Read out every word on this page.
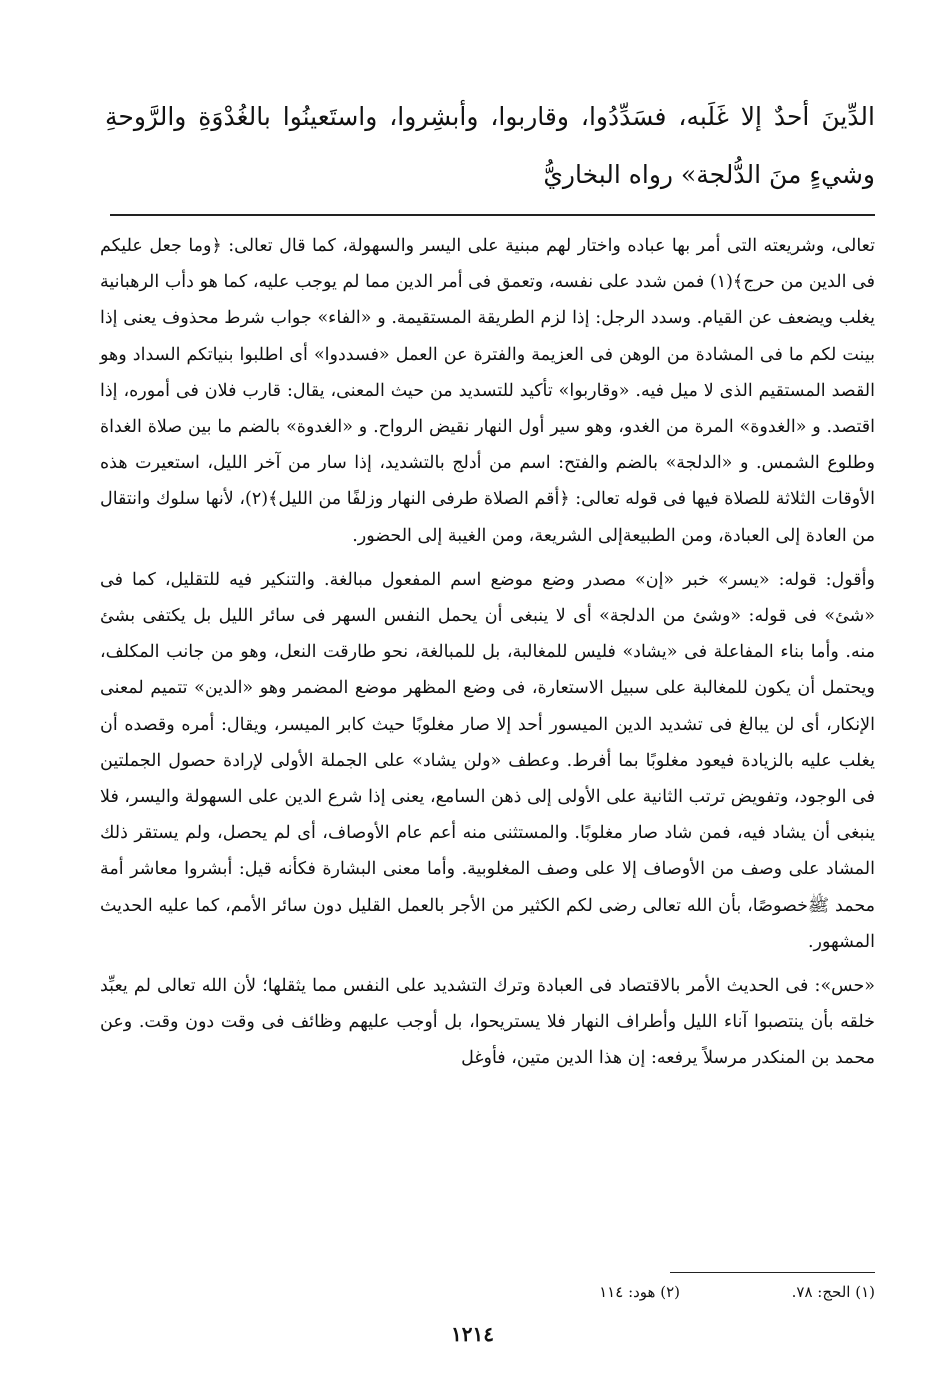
الدِّينَ أحدٌ إلا غَلَبه، فسَدِّدُوا، وقاربوا، وأبشِروا، واستَعينُوا بالغُدْوَةِ والرَّوحةِ وشيءٍ منَ الدُّلجة» رواه البخاريُّ

تعالى، وشريعته التى أمر بها عباده واختار لهم مبنية على اليسر والسهولة، كما قال تعالى: ﴿وما جعل عليكم فى الدين من حرج﴾(١) فمن شدد على نفسه، وتعمق فى أمر الدين مما لم يوجب عليه، كما هو دأب الرهبانية يغلب ويضعف عن القيام. وسدد الرجل: إذا لزم الطريقة المستقيمة. و «الفاء» جواب شرط محذوف يعنى إذا بينت لكم ما فى المشادة من الوهن فى العزيمة والفترة عن العمل «فسددوا» أى اطلبوا بنياتكم السداد وهو القصد المستقيم الذى لا ميل فيه. «وقاربوا» تأكيد للتسديد من حيث المعنى، يقال: قارب فلان فى أموره، إذا اقتصد. و «الغدوة» المرة من الغدو، وهو سير أول النهار نقيض الرواح. و «الغدوة» بالضم ما بين صلاة الغداة وطلوع الشمس. و «الدلجة» بالضم والفتح: اسم من أدلج بالتشديد، إذا سار من آخر الليل، استعيرت هذه الأوقات الثلاثة للصلاة فيها فى قوله تعالى: ﴿أقم الصلاة طرفى النهار وزلفًا من الليل﴾(٢)، لأنها سلوك وانتقال من العادة إلى العبادة، ومن الطبيعةإلى الشريعة، ومن الغيبة إلى الحضور.

وأقول: قوله: «يسر» خبر «إن» مصدر وضع موضع اسم المفعول مبالغة. والتنكير فيه للتقليل، كما فى «شئ» فى قوله: «وشئ من الدلجة» أى لا ينبغى أن يحمل النفس السهر فى سائر الليل بل يكتفى بشئ منه. وأما بناء المفاعلة فى «يشاد» فليس للمغالبة، بل للمبالغة، نحو طارقت النعل، وهو من جانب المكلف، ويحتمل أن يكون للمغالبة على سبيل الاستعارة، فى وضع المظهر موضع المضمر وهو «الدين» تتميم لمعنى الإنكار، أى لن يبالغ فى تشديد الدين الميسور أحد إلا صار مغلوبًا حيث كابر الميسر، ويقال: أمره وقصده أن يغلب عليه بالزيادة فيعود مغلوبًا بما أفرط. وعطف «ولن يشاد» على الجملة الأولى لإرادة حصول الجملتين فى الوجود، وتفويض ترتب الثانية على الأولى إلى ذهن السامع، يعنى إذا شرع الدين على السهولة واليسر، فلا ينبغى أن يشاد فيه، فمن شاد صار مغلوبًا. والمستثنى منه أعم عام الأوصاف، أى لم يحصل، ولم يستقر ذلك المشاد على وصف من الأوصاف إلا على وصف المغلوبية. وأما معنى البشارة فكأنه قيل: أبشروا معاشر أمة محمد ﷺخصوصًا، بأن الله تعالى رضى لكم الكثير من الأجر بالعمل القليل دون سائر الأمم، كما عليه الحديث المشهور.

«حس»: فى الحديث الأمر بالاقتصاد فى العبادة وترك التشديد على النفس مما يثقلها؛ لأن الله تعالى لم يعبِّد خلقه بأن ينتصبوا آناء الليل وأطراف النهار فلا يستريحوا، بل أوجب عليهم وظائف فى وقت دون وقت. وعن محمد بن المنكدر مرسلاً يرفعه: إن هذا الدين متين، فأوغل

(١) الحج: ٧٨.
(٢) هود: ١١٤
١٢١٤
